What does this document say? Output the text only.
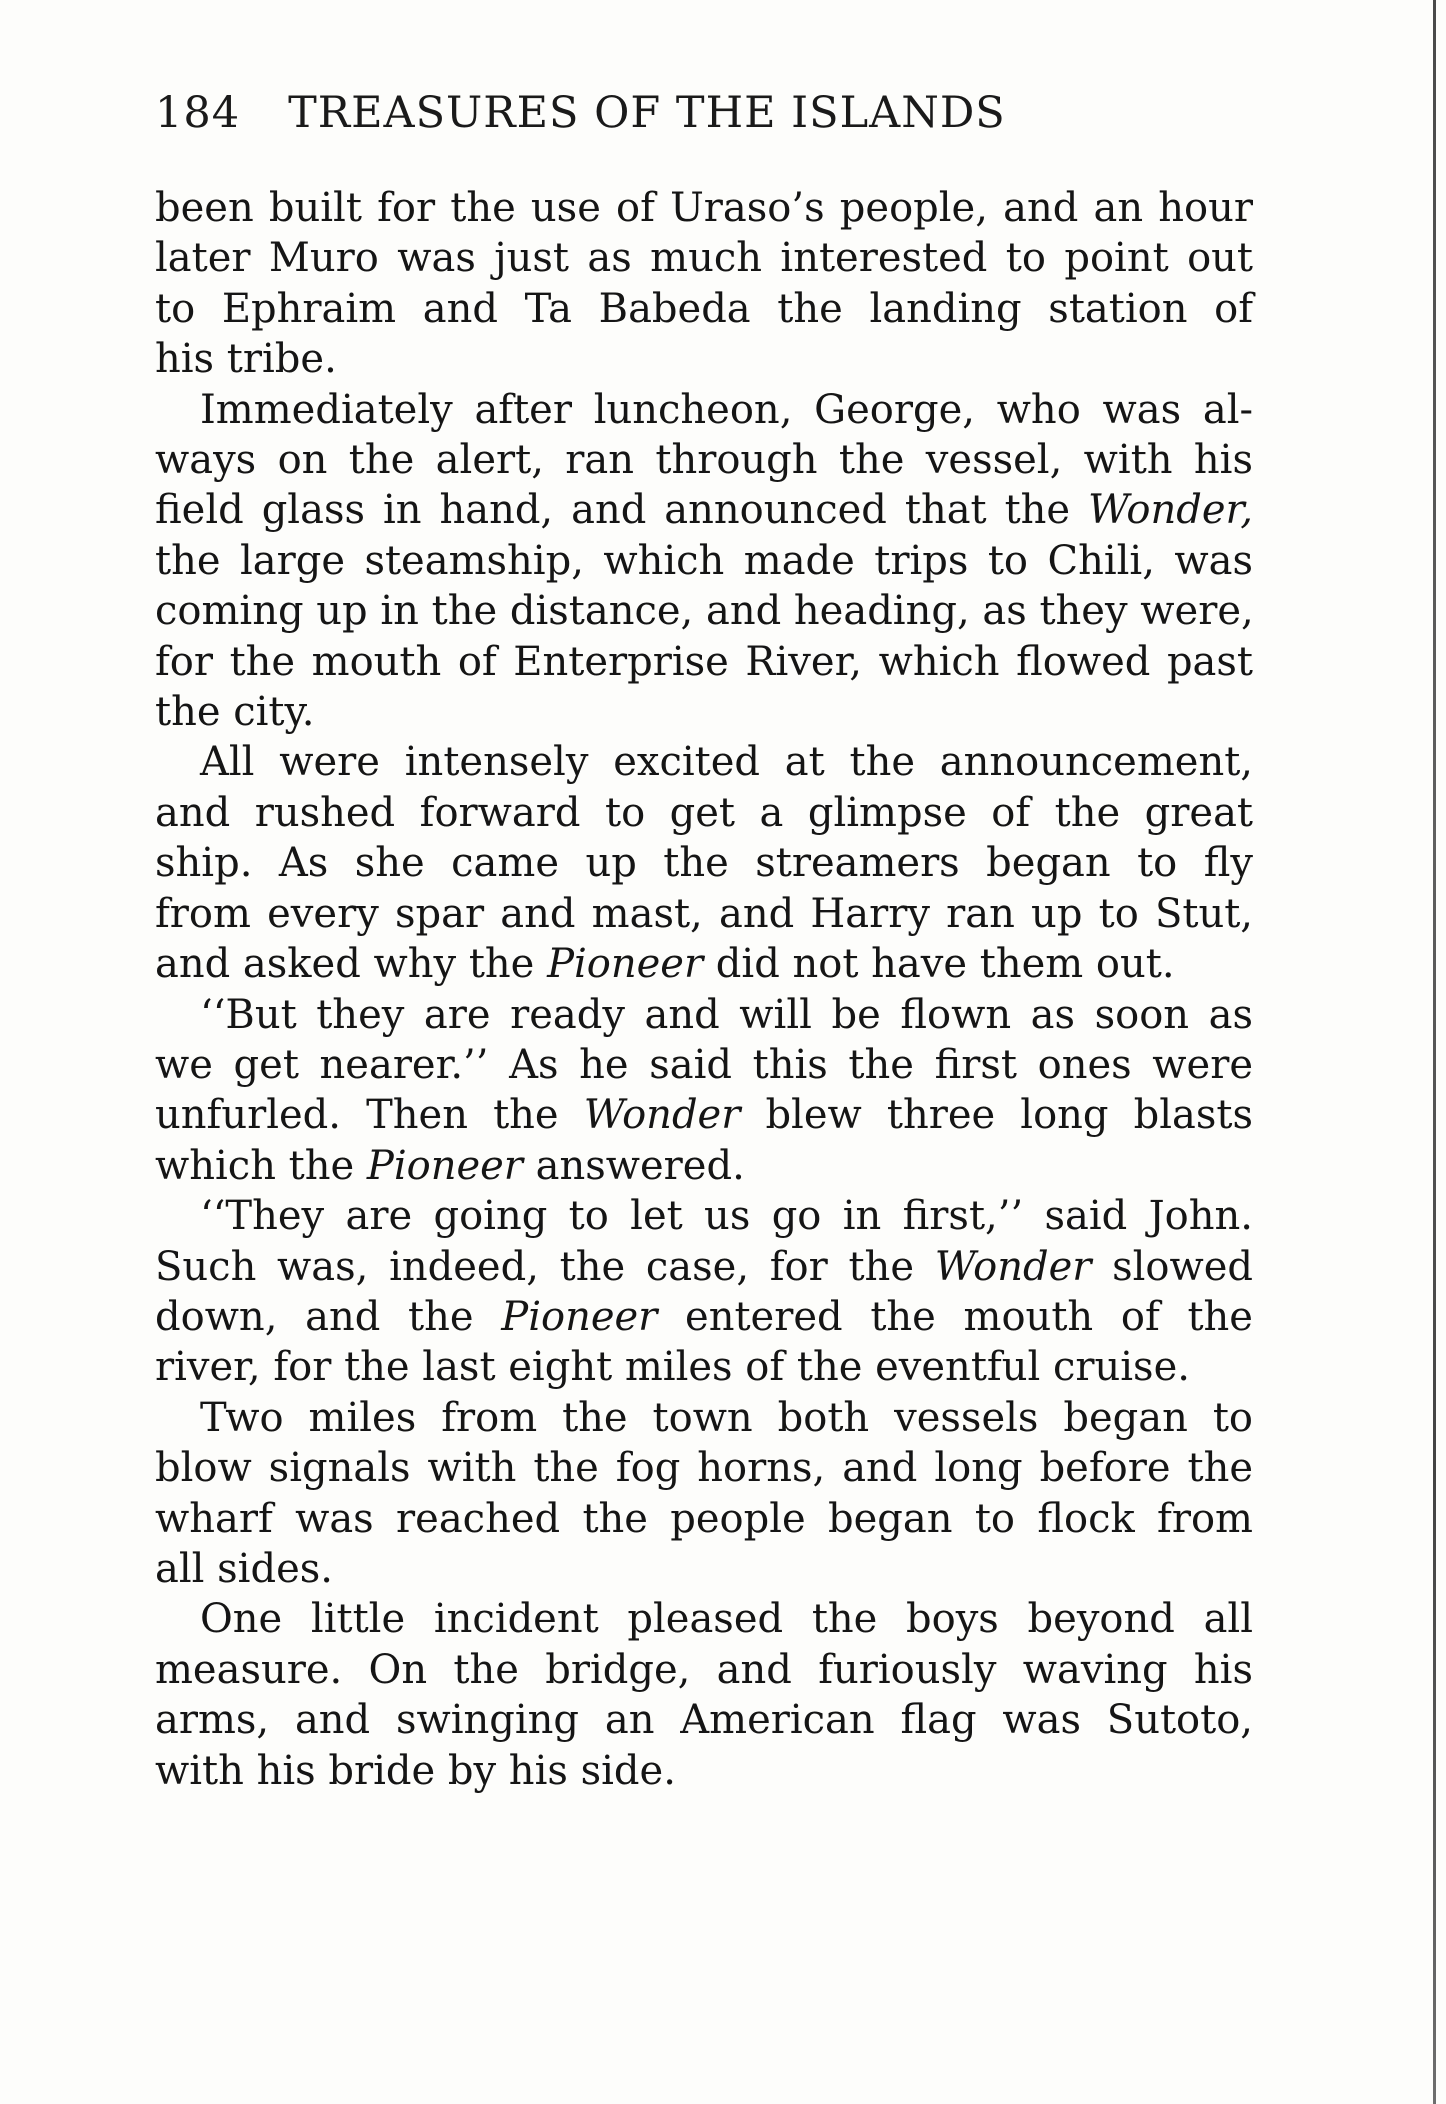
184 TREASURES OF THE ISLANDS
been built for the use of Uraso’s people, and an hour
later Muro was just as much interested to point out
to Ephraim and Ta Babeda the landing station of
his tribe.
Immediately after luncheon, George, who was al-
ways on the alert, ran through the vessel, with his
field glass in hand, and announced that the Wonder,
the large steamship, which made trips to Chili, was
coming up in the distance, and heading, as they were,
for the mouth of Enterprise River, which flowed past
the city.
All were intensely excited at the announcement,
and rushed forward to get a glimpse of the great
ship. As she came up the streamers began to fly
from every spar and mast, and Harry ran up to Stut,
and asked why the Pioneer did not have them out.
‘‘But they are ready and will be flown as soon as
we get nearer.’’ As he said this the first ones were
unfurled. Then the Wonder blew three long blasts
which the Pioneer answered.
‘‘They are going to let us go in first,’’ said John.
Such was, indeed, the case, for the Wonder slowed
down, and the Pioneer entered the mouth of the
river, for the last eight miles of the eventful cruise.
Two miles from the town both vessels began to
blow signals with the fog horns, and long before the
wharf was reached the people began to flock from
all sides.
One little incident pleased the boys beyond all
measure. On the bridge, and furiously waving his
arms, and swinging an American flag was Sutoto,
with his bride by his side.
